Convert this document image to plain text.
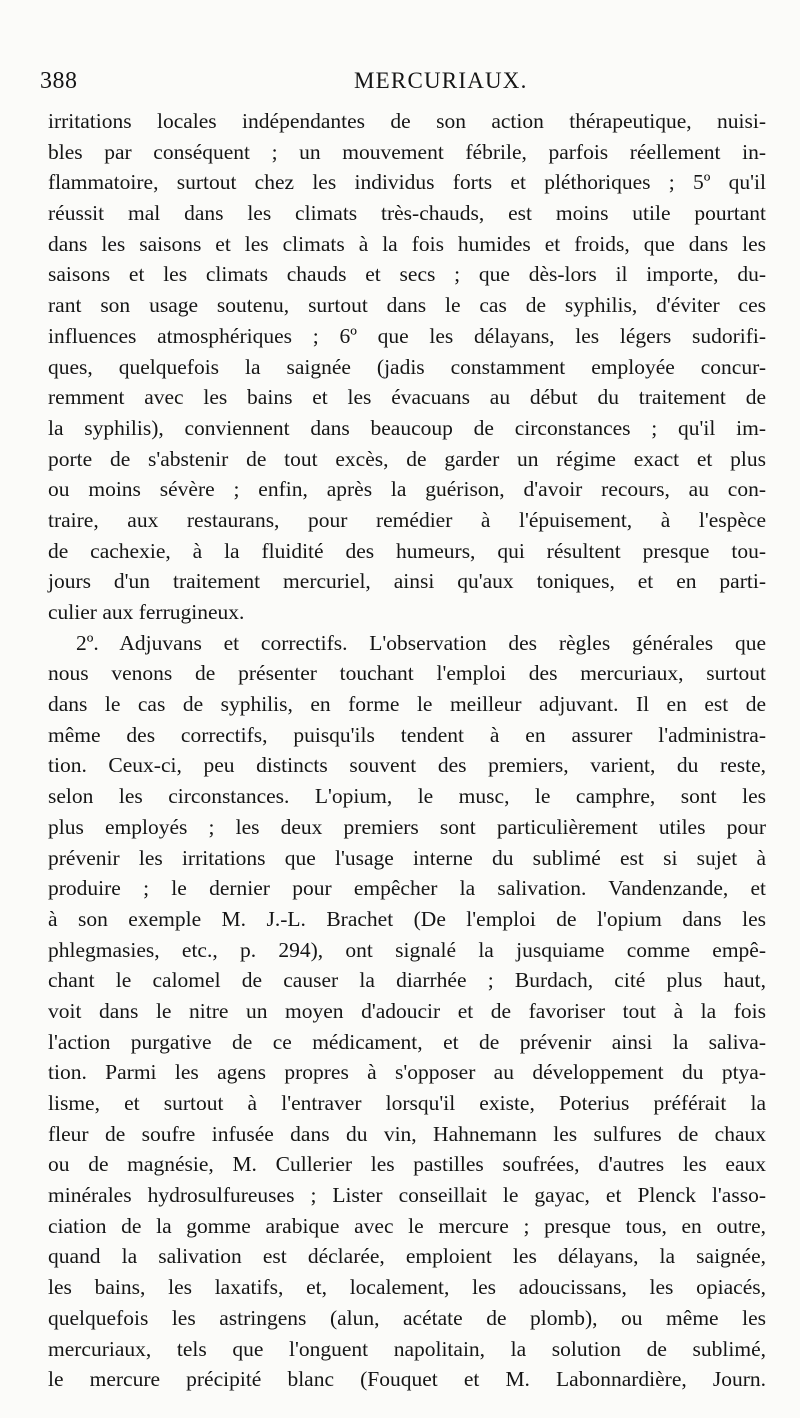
388	MERCURIAUX.
irritations locales indépendantes de son action thérapeutique, nuisi-
bles par conséquent ; un mouvement fébrile, parfois réellement in-
flammatoire, surtout chez les individus forts et pléthoriques ; 5º qu'il
réussit mal dans les climats très-chauds, est moins utile pourtant
dans les saisons et les climats à la fois humides et froids, que dans les
saisons et les climats chauds et secs ; que dès-lors il importe, du-
rant son usage soutenu, surtout dans le cas de syphilis, d'éviter ces
influences atmosphériques ; 6º que les délayans, les légers sudorifi-
ques, quelquefois la saignée (jadis constamment employée concur-
remment avec les bains et les évacuans au début du traitement de
la syphilis), conviennent dans beaucoup de circonstances ; qu'il im-
porte de s'abstenir de tout excès, de garder un régime exact et plus
ou moins sévère ; enfin, après la guérison, d'avoir recours, au con-
traire, aux restaurans, pour remédier à l'épuisement, à l'espèce
de cachexie, à la fluidité des humeurs, qui résultent presque tou-
jours d'un traitement mercuriel, ainsi qu'aux toniques, et en parti-
culier aux ferrugineux.
2º. Adjuvans et correctifs. L'observation des règles générales que
nous venons de présenter touchant l'emploi des mercuriaux, surtout
dans le cas de syphilis, en forme le meilleur adjuvant. Il en est de
même des correctifs, puisqu'ils tendent à en assurer l'administra-
tion. Ceux-ci, peu distincts souvent des premiers, varient, du reste,
selon les circonstances. L'opium, le musc, le camphre, sont les
plus employés ; les deux premiers sont particulièrement utiles pour
prévenir les irritations que l'usage interne du sublimé est si sujet à
produire ; le dernier pour empêcher la salivation. Vandenzande, et
à son exemple M. J.-L. Brachet (De l'emploi de l'opium dans les
phlegmasies, etc., p. 294), ont signalé la jusquiame comme empê-
chant le calomel de causer la diarrhée ; Burdach, cité plus haut,
voit dans le nitre un moyen d'adoucir et de favoriser tout à la fois
l'action purgative de ce médicament, et de prévenir ainsi la saliva-
tion. Parmi les agens propres à s'opposer au développement du ptya-
lisme, et surtout à l'entraver lorsqu'il existe, Poterius préférait la
fleur de soufre infusée dans du vin, Hahnemann les sulfures de chaux
ou de magnésie, M. Cullerier les pastilles soufrées, d'autres les eaux
minérales hydrosulfureuses ; Lister conseillait le gayac, et Plenck l'asso-
ciation de la gomme arabique avec le mercure ; presque tous, en outre,
quand la salivation est déclarée, emploient les délayans, la saignée,
les bains, les laxatifs, et, localement, les adoucissans, les opiacés,
quelquefois les astringens (alun, acétate de plomb), ou même les
mercuriaux, tels que l'onguent napolitain, la solution de sublimé,
le mercure précipité blanc (Fouquet et M. Labonnardière, Journ.
